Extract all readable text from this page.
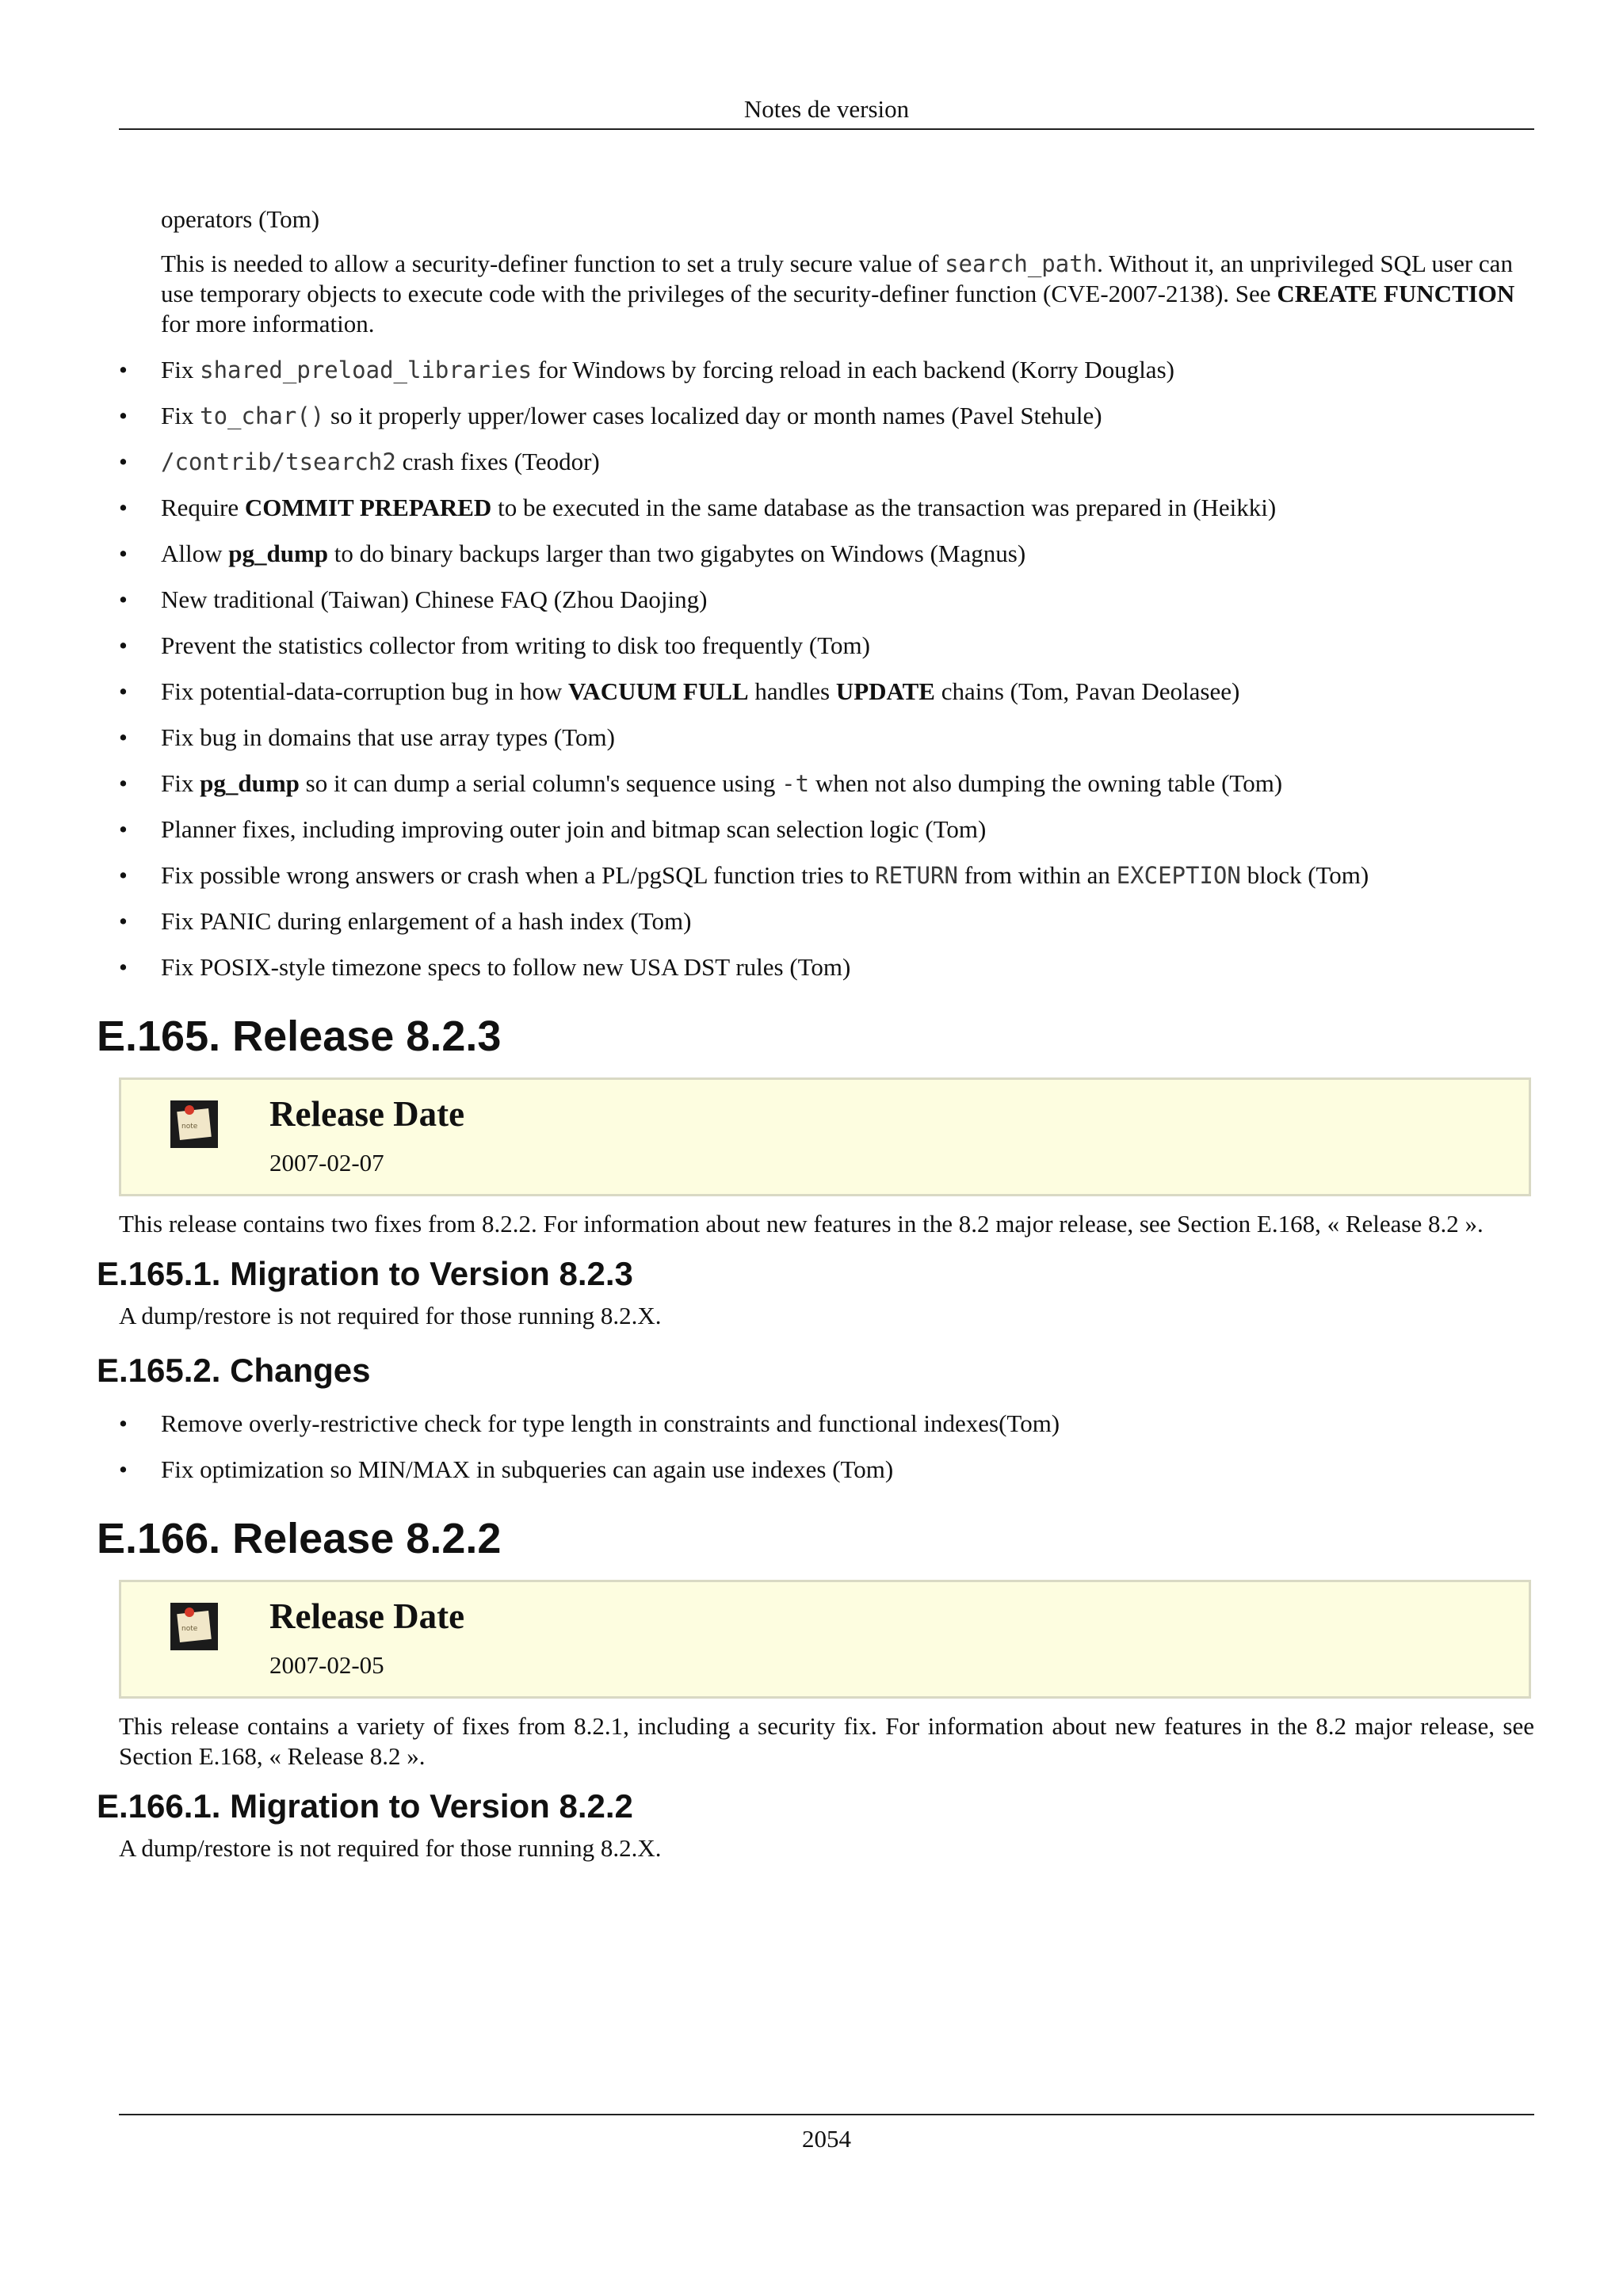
Notes de version
operators (Tom)
This is needed to allow a security-definer function to set a truly secure value of search_path. Without it, an unprivileged SQL user can use temporary objects to execute code with the privileges of the security-definer function (CVE-2007-2138). See CREATE FUNCTION for more information.
• Fix shared_preload_libraries for Windows by forcing reload in each backend (Korry Douglas)
• Fix to_char() so it properly upper/lower cases localized day or month names (Pavel Stehule)
• /contrib/tsearch2 crash fixes (Teodor)
• Require COMMIT PREPARED to be executed in the same database as the transaction was prepared in (Heikki)
• Allow pg_dump to do binary backups larger than two gigabytes on Windows (Magnus)
• New traditional (Taiwan) Chinese FAQ (Zhou Daojing)
• Prevent the statistics collector from writing to disk too frequently (Tom)
• Fix potential-data-corruption bug in how VACUUM FULL handles UPDATE chains (Tom, Pavan Deolasee)
• Fix bug in domains that use array types (Tom)
• Fix pg_dump so it can dump a serial column's sequence using -t when not also dumping the owning table (Tom)
• Planner fixes, including improving outer join and bitmap scan selection logic (Tom)
• Fix possible wrong answers or crash when a PL/pgSQL function tries to RETURN from within an EXCEPTION block (Tom)
• Fix PANIC during enlargement of a hash index (Tom)
• Fix POSIX-style timezone specs to follow new USA DST rules (Tom)
E.165. Release 8.2.3
note Release Date
2007-02-07
This release contains two fixes from 8.2.2. For information about new features in the 8.2 major release, see Section E.168, « Release 8.2 ».
E.165.1. Migration to Version 8.2.3
A dump/restore is not required for those running 8.2.X.
E.165.2. Changes
• Remove overly-restrictive check for type length in constraints and functional indexes(Tom)
• Fix optimization so MIN/MAX in subqueries can again use indexes (Tom)
E.166. Release 8.2.2
note Release Date
2007-02-05
This release contains a variety of fixes from 8.2.1, including a security fix. For information about new features in the 8.2 major release, see Section E.168, « Release 8.2 ».
E.166.1. Migration to Version 8.2.2
A dump/restore is not required for those running 8.2.X.
2054
